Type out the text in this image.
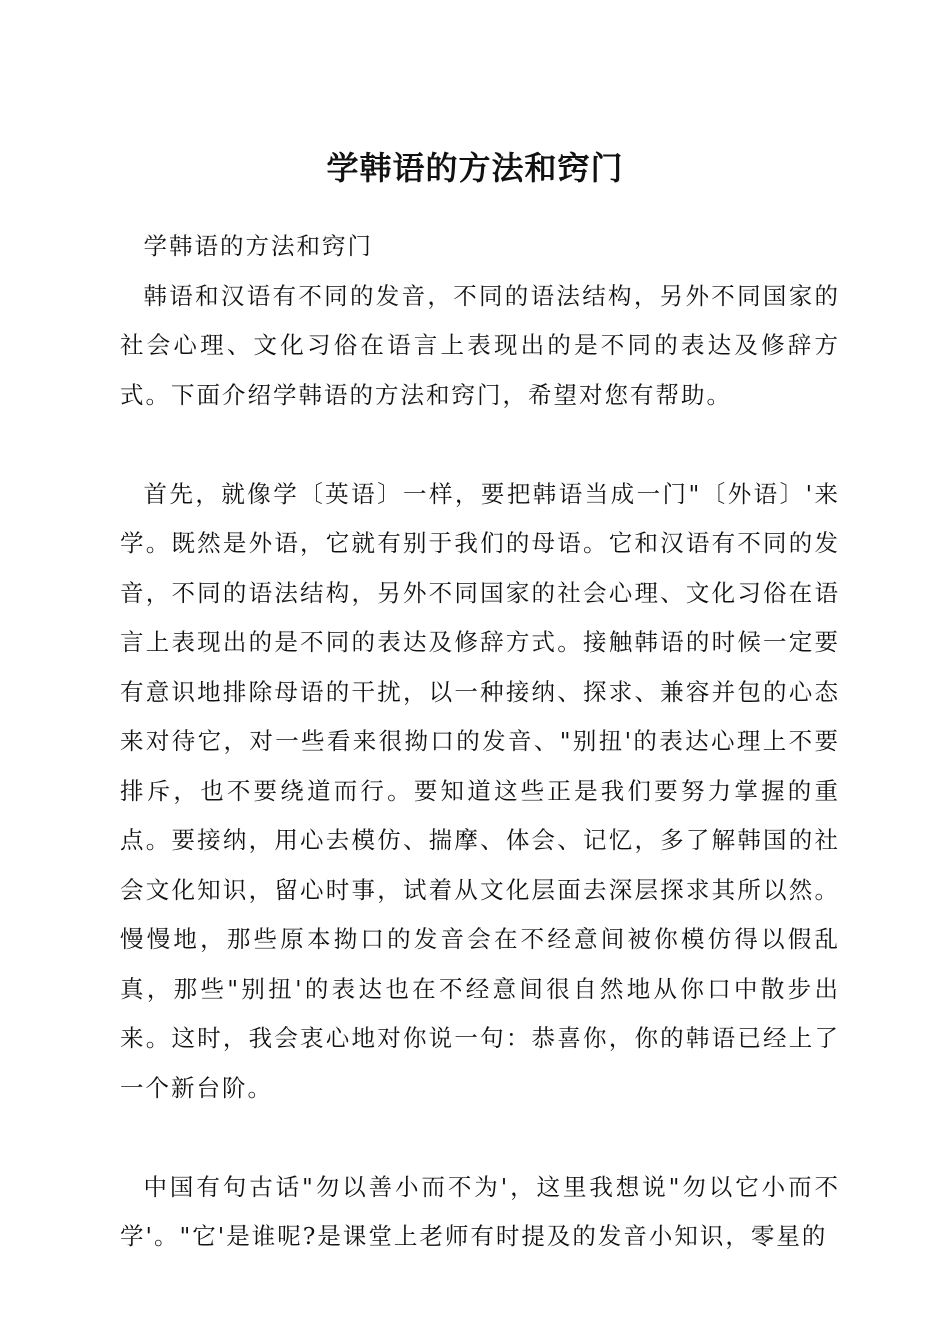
学韩语的方法和窍门

学韩语的方法和窍门

韩语和汉语有不同的发音，不同的语法结构，另外不同国家的社会心理、文化习俗在语言上表现出的是不同的表达及修辞方式。下面介绍学韩语的方法和窍门，希望对您有帮助。

首先，就像学〔英语〕一样，要把韩语当成一门"〔外语〕'来学。既然是外语，它就有别于我们的母语。它和汉语有不同的发音，不同的语法结构，另外不同国家的社会心理、文化习俗在语言上表现出的是不同的表达及修辞方式。接触韩语的时候一定要有意识地排除母语的干扰，以一种接纳、探求、兼容并包的心态来对待它，对一些看来很拗口的发音、"别扭'的表达心理上不要排斥，也不要绕道而行。要知道这些正是我们要努力掌握的重点。要接纳，用心去模仿、揣摩、体会、记忆，多了解韩国的社会文化知识，留心时事，试着从文化层面去深层探求其所以然。慢慢地，那些原本拗口的发音会在不经意间被你模仿得以假乱真，那些"别扭'的表达也在不经意间很自然地从你口中散步出来。这时，我会衷心地对你说一句：恭喜你，你的韩语已经上了一个新台阶。

中国有句古话"勿以善小而不为'，这里我想说"勿以它小而不学'。"它'是谁呢?是课堂上老师有时提及的发音小知识，零星的
